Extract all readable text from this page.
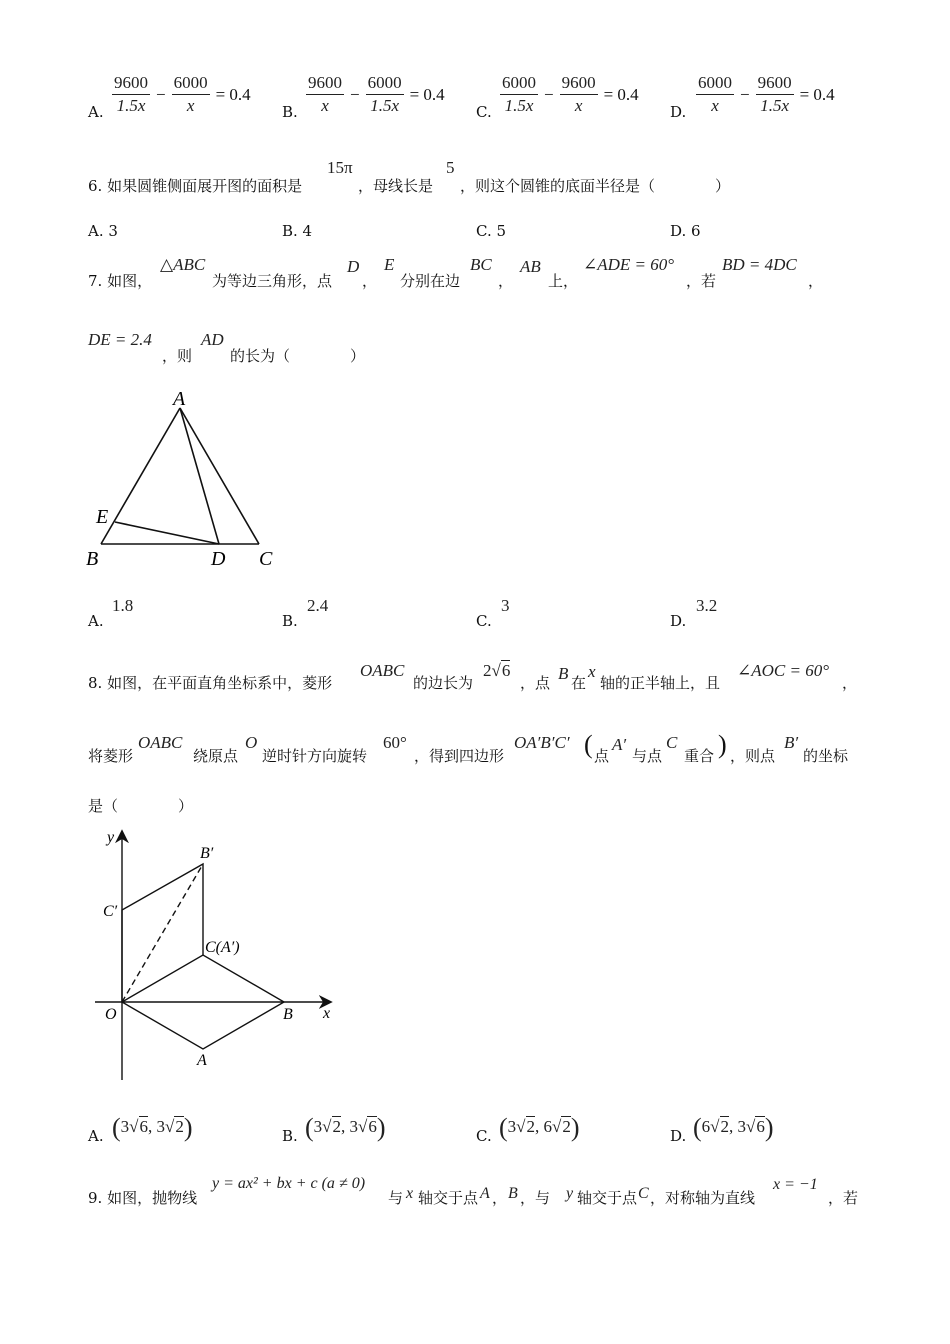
A. $\frac{9600}{1.5x} - \frac{6000}{x} = 0.4$
B. $\frac{9600}{x} - \frac{6000}{1.5x} = 0.4$
C. $\frac{6000}{1.5x} - \frac{9600}{x} = 0.4$
D. $\frac{6000}{x} - \frac{9600}{1.5x} = 0.4$
6. 如果圆锥侧面展开图的面积是
15π
，母线长是
5
，则这个圆锥的底面半径是（　　　　）
A. 3	B. 4	C. 5	D. 6
7. 如图，
△ABC
为等边三角形，点
D
，
E
分别在边
BC
，
AB
上，
∠ADE = 60°
，若
BD = 4DC
，
DE = 2.4
，则
AD
的长为（　　　　）
A
E
B	D C
A.
1.8
B.
2.4
C.
3
D.
3.2
8. 如图，在平面直角坐标系中，菱形
OABC
的边长为
2√6
，点 B 在
x
轴的正半轴上，且
∠AOC = 60°
，
将菱形
OABC
绕原点
O
逆时针方向旋转
60°
，得到四边形
OA′B′C′ ( 点
A′
与点
C
重合 ) ，则点
B′
的坐标
是（　　　　）
y
x
O	B
A
B′
C′
C(A′)
A. (3√6, 3√2)	B. (3√2, 3√6)	C. (3√2, 6√2)	D. (6√2, 3√6)
9. 如图，抛物线
y = ax² + bx + c (a ≠ 0)
与 x 轴交于点 A ， B ，与 y 轴交于点 C ，对称轴为直线
x = −1
，若
